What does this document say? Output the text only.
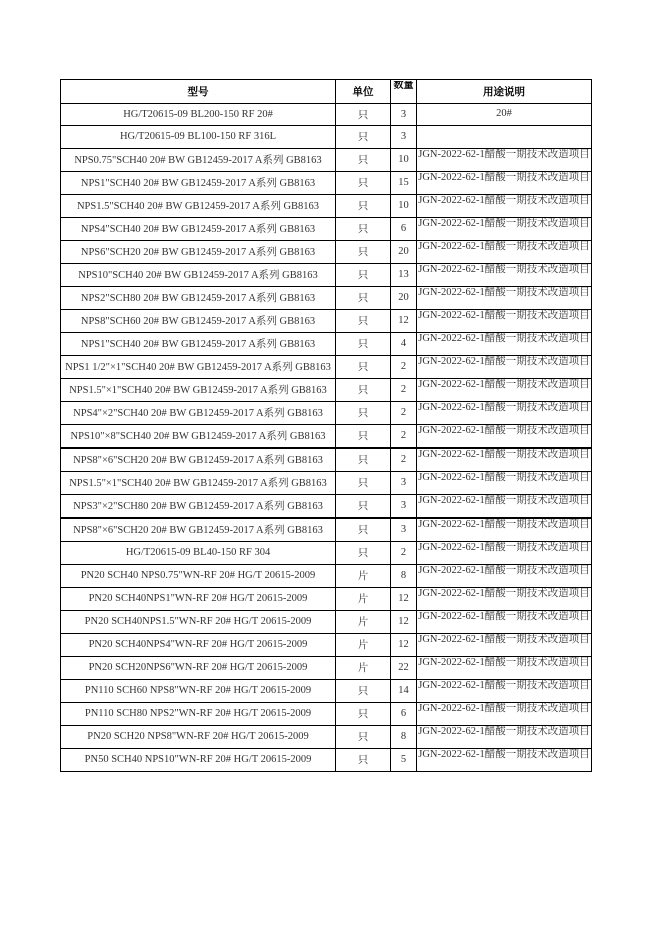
型号	单位	数量	用途说明
HG/T20615-09 BL200-150 RF 20#	只	3	20#

HG/T20615-09 BL100-150 RF 316L	只	3	

NPS0.75"SCH40 20# BW GB12459-2017 A系列 GB8163	只	10	JGN-2022-62-1醋酸一期技术改造项目

NPS1"SCH40 20# BW GB12459-2017 A系列 GB8163	只	15	JGN-2022-62-1醋酸一期技术改造项目

NPS1.5"SCH40 20# BW GB12459-2017 A系列 GB8163	只	10	JGN-2022-62-1醋酸一期技术改造项目

NPS4"SCH40 20# BW GB12459-2017 A系列 GB8163	只	6	JGN-2022-62-1醋酸一期技术改造项目

NPS6"SCH20 20# BW GB12459-2017 A系列 GB8163	只	20	JGN-2022-62-1醋酸一期技术改造项目

NPS10"SCH40 20# BW GB12459-2017 A系列 GB8163	只	13	JGN-2022-62-1醋酸一期技术改造项目

NPS2"SCH80 20# BW GB12459-2017 A系列 GB8163	只	20	JGN-2022-62-1醋酸一期技术改造项目

NPS8"SCH60 20# BW GB12459-2017 A系列 GB8163	只	12	JGN-2022-62-1醋酸一期技术改造项目

NPS1"SCH40 20# BW GB12459-2017 A系列 GB8163	只	4	JGN-2022-62-1醋酸一期技术改造项目

NPS1 1/2"×1"SCH40 20# BW GB12459-2017 A系列 GB8163	只	2	JGN-2022-62-1醋酸一期技术改造项目

NPS1.5"×1"SCH40 20# BW GB12459-2017 A系列 GB8163	只	2	JGN-2022-62-1醋酸一期技术改造项目

NPS4"×2"SCH40 20# BW GB12459-2017 A系列 GB8163	只	2	JGN-2022-62-1醋酸一期技术改造项目

NPS10"×8"SCH40 20# BW GB12459-2017 A系列 GB8163	只	2	JGN-2022-62-1醋酸一期技术改造项目

NPS8"×6"SCH20 20# BW GB12459-2017 A系列 GB8163	只	2	JGN-2022-62-1醋酸一期技术改造项目

NPS1.5"×1"SCH40 20# BW GB12459-2017 A系列 GB8163	只	3	JGN-2022-62-1醋酸一期技术改造项目

NPS3"×2"SCH80 20# BW GB12459-2017 A系列 GB8163	只	3	JGN-2022-62-1醋酸一期技术改造项目

NPS8"×6"SCH20 20# BW GB12459-2017 A系列 GB8163	只	3	JGN-2022-62-1醋酸一期技术改造项目

HG/T20615-09 BL40-150 RF 304	只	2	JGN-2022-62-1醋酸一期技术改造项目

PN20 SCH40 NPS0.75"WN-RF 20# HG/T 20615-2009	片	8	JGN-2022-62-1醋酸一期技术改造项目

PN20 SCH40NPS1"WN-RF 20# HG/T 20615-2009	片	12	JGN-2022-62-1醋酸一期技术改造项目

PN20 SCH40NPS1.5"WN-RF 20# HG/T 20615-2009	片	12	JGN-2022-62-1醋酸一期技术改造项目

PN20 SCH40NPS4"WN-RF 20# HG/T 20615-2009	片	12	JGN-2022-62-1醋酸一期技术改造项目

PN20 SCH20NPS6"WN-RF 20# HG/T 20615-2009	片	22	JGN-2022-62-1醋酸一期技术改造项目

PN110 SCH60 NPS8"WN-RF 20# HG/T 20615-2009	只	14	JGN-2022-62-1醋酸一期技术改造项目

PN110 SCH80 NPS2"WN-RF 20# HG/T 20615-2009	只	6	JGN-2022-62-1醋酸一期技术改造项目

PN20 SCH20 NPS8"WN-RF 20# HG/T 20615-2009	只	8	JGN-2022-62-1醋酸一期技术改造项目

PN50 SCH40 NPS10"WN-RF 20# HG/T 20615-2009	只	5	JGN-2022-62-1醋酸一期技术改造项目
